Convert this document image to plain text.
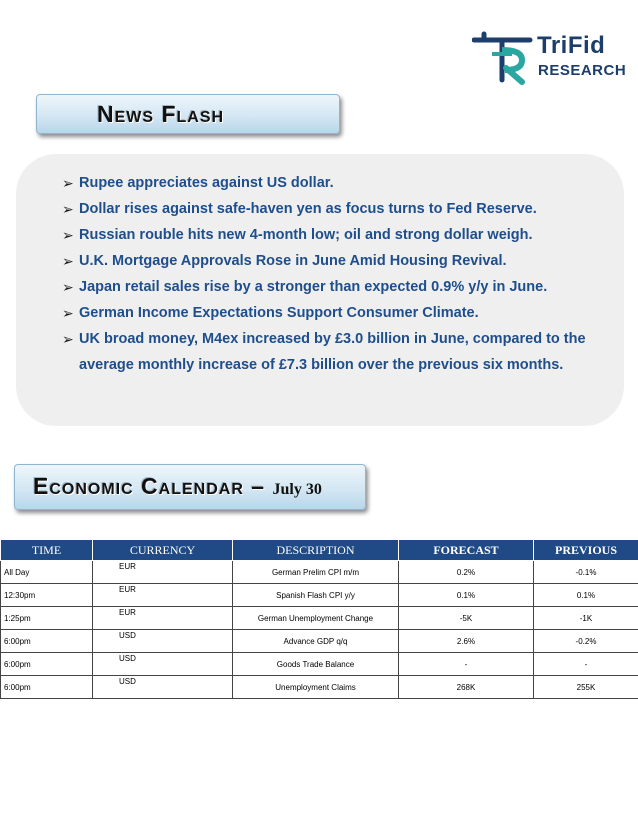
TriFid
RESEARCH
News Flash
➢ Rupee appreciates against US dollar.
➢ Dollar rises against safe-haven yen as focus turns to Fed Reserve.
➢ Russian rouble hits new 4-month low; oil and strong dollar weigh.
➢ U.K. Mortgage Approvals Rose in June Amid Housing Revival.
➢ Japan retail sales rise by a stronger than expected 0.9% y/y in June.
➢ German Income Expectations Support Consumer Climate.
➢ UK broad money, M4ex increased by £3.0 billion in June, compared to the average monthly increase of £7.3 billion over the previous six months.
Economic Calendar – July 30
TIME	CURRENCY	DESCRIPTION	FORECAST	PREVIOUS
All Day	EUR	German Prelim CPI m/m	0.2%	-0.1%
12:30pm	EUR	Spanish Flash CPI y/y	0.1%	0.1%
1:25pm	EUR	German Unemployment Change	-5K	-1K
6:00pm	USD	Advance GDP q/q	2.6%	-0.2%
6:00pm	USD	Goods Trade Balance	-	-
6:00pm	USD	Unemployment Claims	268K	255K
